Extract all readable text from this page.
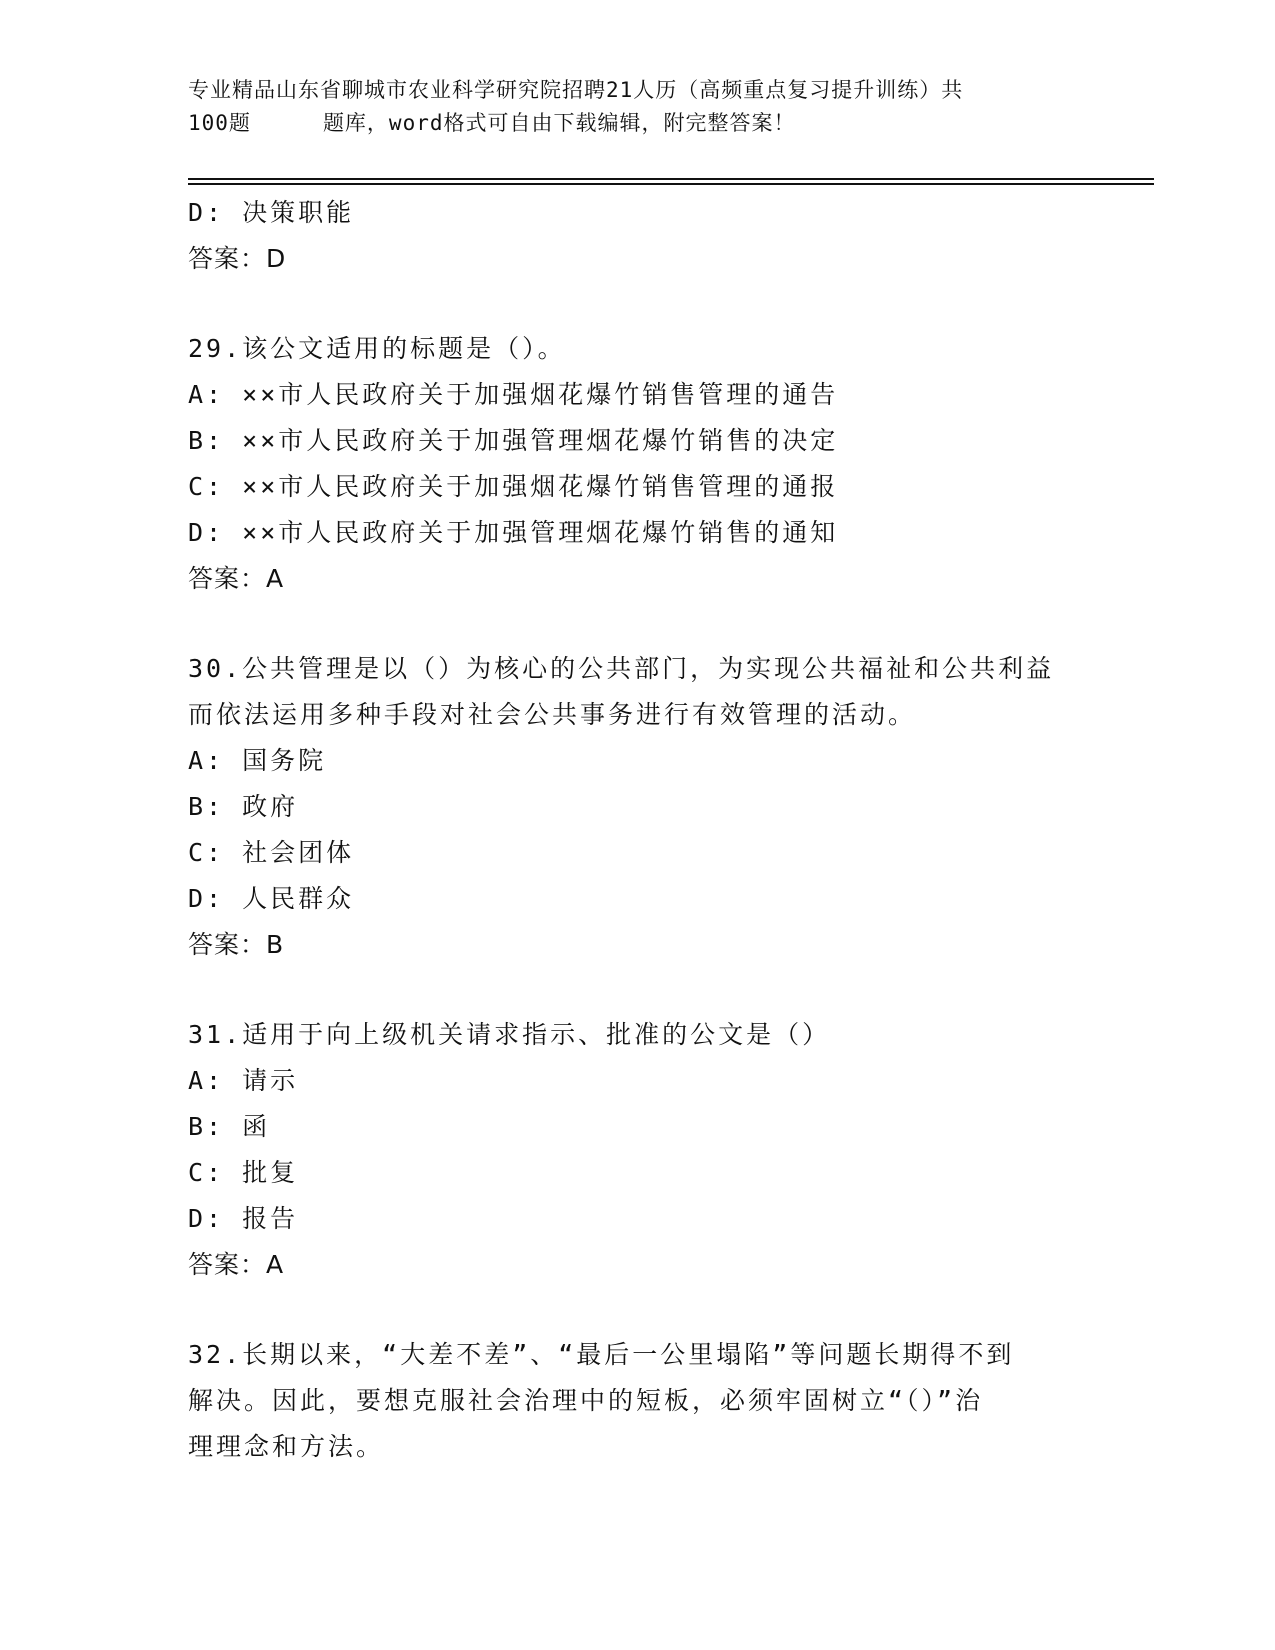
专业精品山东省聊城市农业科学研究院招聘21人历（高频重点复习提升训练）共
100题	题库，word格式可自由下载编辑，附完整答案！
D: 决策职能
答案：D
29.该公文适用的标题是（）。
A: ××市人民政府关于加强烟花爆竹销售管理的通告
B: ××市人民政府关于加强管理烟花爆竹销售的决定
C: ××市人民政府关于加强烟花爆竹销售管理的通报
D: ××市人民政府关于加强管理烟花爆竹销售的通知
答案：A
30.公共管理是以（）为核心的公共部门，为实现公共福祉和公共利益
而依法运用多种手段对社会公共事务进行有效管理的活动。
A: 国务院
B: 政府
C: 社会团体
D: 人民群众
答案：B
31.适用于向上级机关请求指示、批准的公文是（）
A: 请示
B: 函
C: 批复
D: 报告
答案：A
32.长期以来，“大差不差”、“最后一公里塌陷”等问题长期得不到
解决。因此，要想克服社会治理中的短板，必须牢固树立“（）”治
理理念和方法。
